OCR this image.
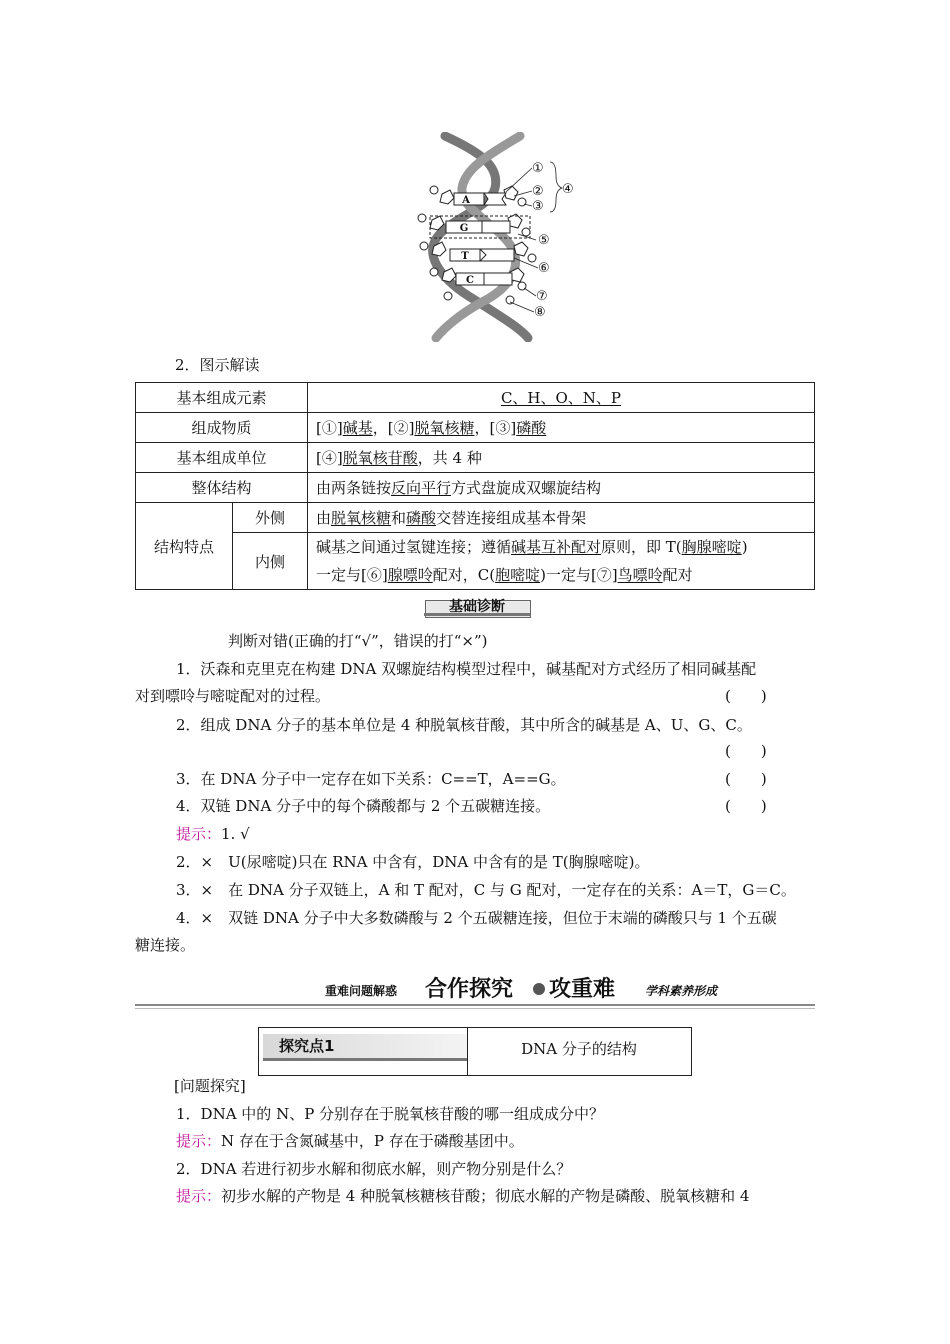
A
G
T
C
①
②
③
④
⑤
⑥
⑦
⑧
2．图示解读
基本组成元素		C、H、O、N、P
组成物质		[①]碱基，[②]脱氧核糖，[③]磷酸
基本组成单位		[④]脱氧核苷酸，共 4 种
整体结构		由两条链按反向平行方式盘旋成双螺旋结构
结构特点	外侧	由脱氧核糖和磷酸交替连接组成基本骨架
	内侧	碱基之间通过氢键连接；遵循碱基互补配对原则，即 T(胸腺嘧啶)
一定与[⑥]腺嘌呤配对，C(胞嘧啶)一定与[⑦]鸟嘌呤配对
基础诊断
判断对错(正确的打“√”，错误的打“×”)
1．沃森和克里克在构建 DNA 双螺旋结构模型过程中，碱基配对方式经历了相同碱基配
对到嘌呤与嘧啶配对的过程。	(　　)
2．组成 DNA 分子的基本单位是 4 种脱氧核苷酸，其中所含的碱基是 A、U、G、C。
(　　)
3．在 DNA 分子中一定存在如下关系：C==T，A==G。	(　　)
4．双链 DNA 分子中的每个磷酸都与 2 个五碳糖连接。	(　　)
提示：1. √
2．×　U(尿嘧啶)只在 RNA 中含有，DNA 中含有的是 T(胸腺嘧啶)。
3．×　在 DNA 分子双链上，A 和 T 配对，C 与 G 配对，一定存在的关系：A＝T，G＝C。
4．×　双链 DNA 分子中大多数磷酸与 2 个五碳糖连接，但位于末端的磷酸只与 1 个五碳
糖连接。
重难问题解惑 合作探究 攻重难 学科素养形成
探究点1	DNA 分子的结构
[问题探究]
1．DNA 中的 N、P 分别存在于脱氧核苷酸的哪一组成成分中？
提示：N 存在于含氮碱基中，P 存在于磷酸基团中。
2．DNA 若进行初步水解和彻底水解，则产物分别是什么？
提示：初步水解的产物是 4 种脱氧核糖核苷酸；彻底水解的产物是磷酸、脱氧核糖和 4
